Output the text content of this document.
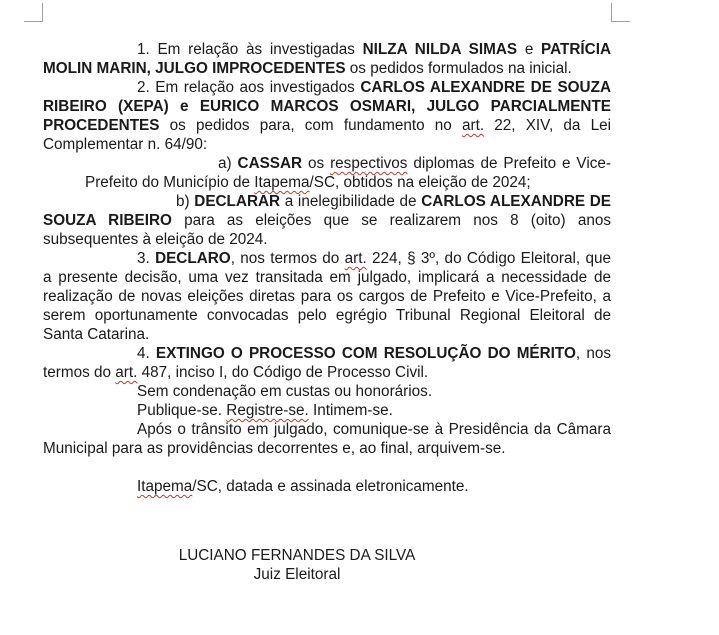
1. Em relação às investigadas NILZA NILDA SIMAS e PATRÍCIA MOLIN MARIN, JULGO IMPROCEDENTES os pedidos formulados na inicial.

2. Em relação aos investigados CARLOS ALEXANDRE DE SOUZA RIBEIRO (XEPA) e EURICO MARCOS OSMARI, JULGO PARCIALMENTE PROCEDENTES os pedidos para, com fundamento no art. 22, XIV, da Lei Complementar n. 64/90:

a) CASSAR os respectivos diplomas de Prefeito e Vice-Prefeito do Município de Itapema/SC, obtidos na eleição de 2024;

b) DECLARAR a inelegibilidade de CARLOS ALEXANDRE DE SOUZA RIBEIRO para as eleições que se realizarem nos 8 (oito) anos subsequentes à eleição de 2024.

3. DECLARO, nos termos do art. 224, § 3º, do Código Eleitoral, que a presente decisão, uma vez transitada em julgado, implicará a necessidade de realização de novas eleições diretas para os cargos de Prefeito e Vice-Prefeito, a serem oportunamente convocadas pelo egrégio Tribunal Regional Eleitoral de Santa Catarina.

4. EXTINGO O PROCESSO COM RESOLUÇÃO DO MÉRITO, nos termos do art. 487, inciso I, do Código de Processo Civil.

Sem condenação em custas ou honorários.

Publique-se. Registre-se. Intimem-se.

Após o trânsito em julgado, comunique-se à Presidência da Câmara Municipal para as providências decorrentes e, ao final, arquivem-se.

Itapema/SC, datada e assinada eletronicamente.

LUCIANO FERNANDES DA SILVA
Juiz Eleitoral
